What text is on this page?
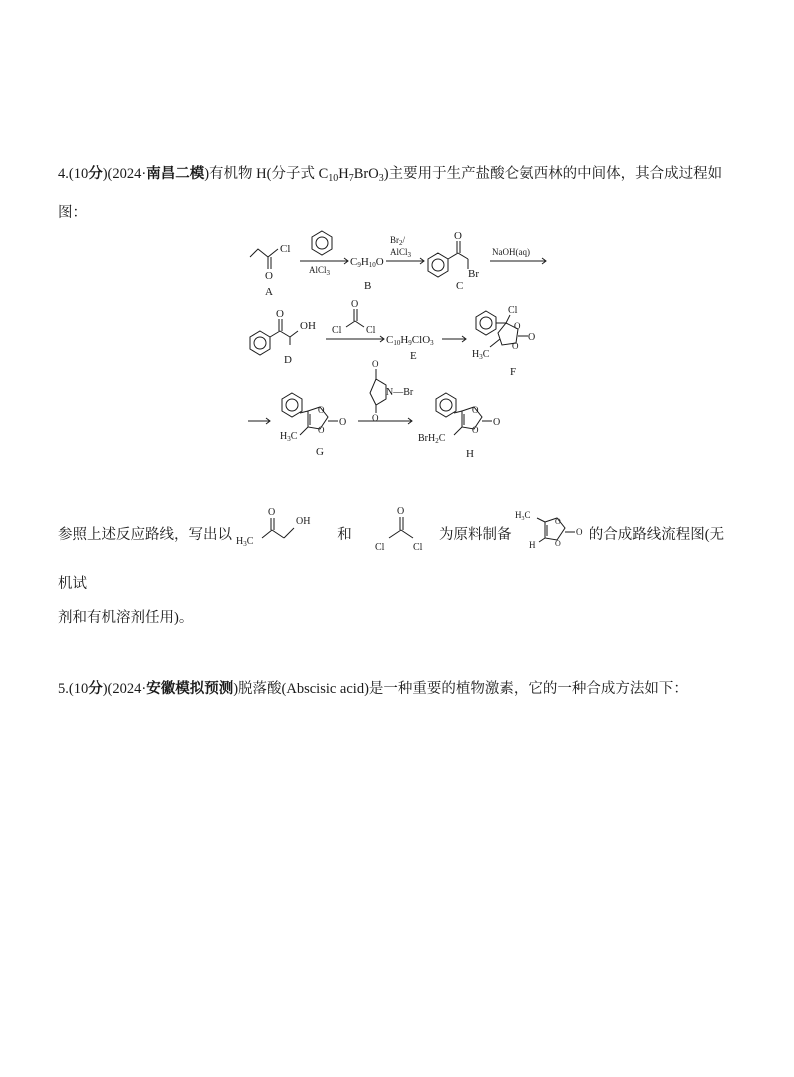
4.(10分)(2024·南昌二模)有机物 H(分子式 $C_{10}H_7BrO_3$)主要用于生产盐酸仑氨西林的中间体，其合成过程如
图：
O
Cl
A
AlCl$_3$
C9H10O
B
$Br_2/$
AlCl$_3$
O
Br
C
NaOH(aq)
O
OH
D
O
Cl Cl
C10H9ClO3
E
Cl
O
O
O
$H_3C$
F
O
O
O
$H_3C$
G
O
O
N—Br
O
O
O
BrH$_2$C
H
参照上述反应路线，写出以 $H_3C$
O
OH
和
O
Cl	Cl
为原料制备
$H_3C$
O
O
O
H
的合成路线流程图(无机试
剂和有机溶剂任用)。
5.(10分)(2024·安徽模拟预测)脱落酸(Abscisic acid)是一种重要的植物激素，它的一种合成方法如下：
